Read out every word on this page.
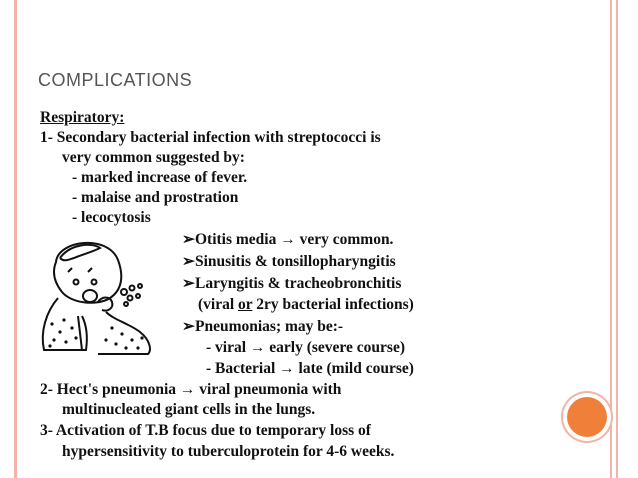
COMPLICATIONS
Respiratory:
1- Secondary bacterial infection with streptococci is
very common suggested by:
- marked increase of fever.
- malaise and prostration
- lecocytosis
➢Otitis media → very common.
➢Sinusitis & tonsillopharyngitis
➢Laryngitis & tracheobronchitis
(viral or 2ry bacterial infections)
➢Pneumonias; may be:-
- viral → early (severe course)
- Bacterial → late (mild course)
2- Hect's pneumonia → viral pneumonia with
multinucleated giant cells in the lungs.
3- Activation of T.B focus due to temporary loss of
hypersensitivity to tuberculoprotein for 4-6 weeks.
